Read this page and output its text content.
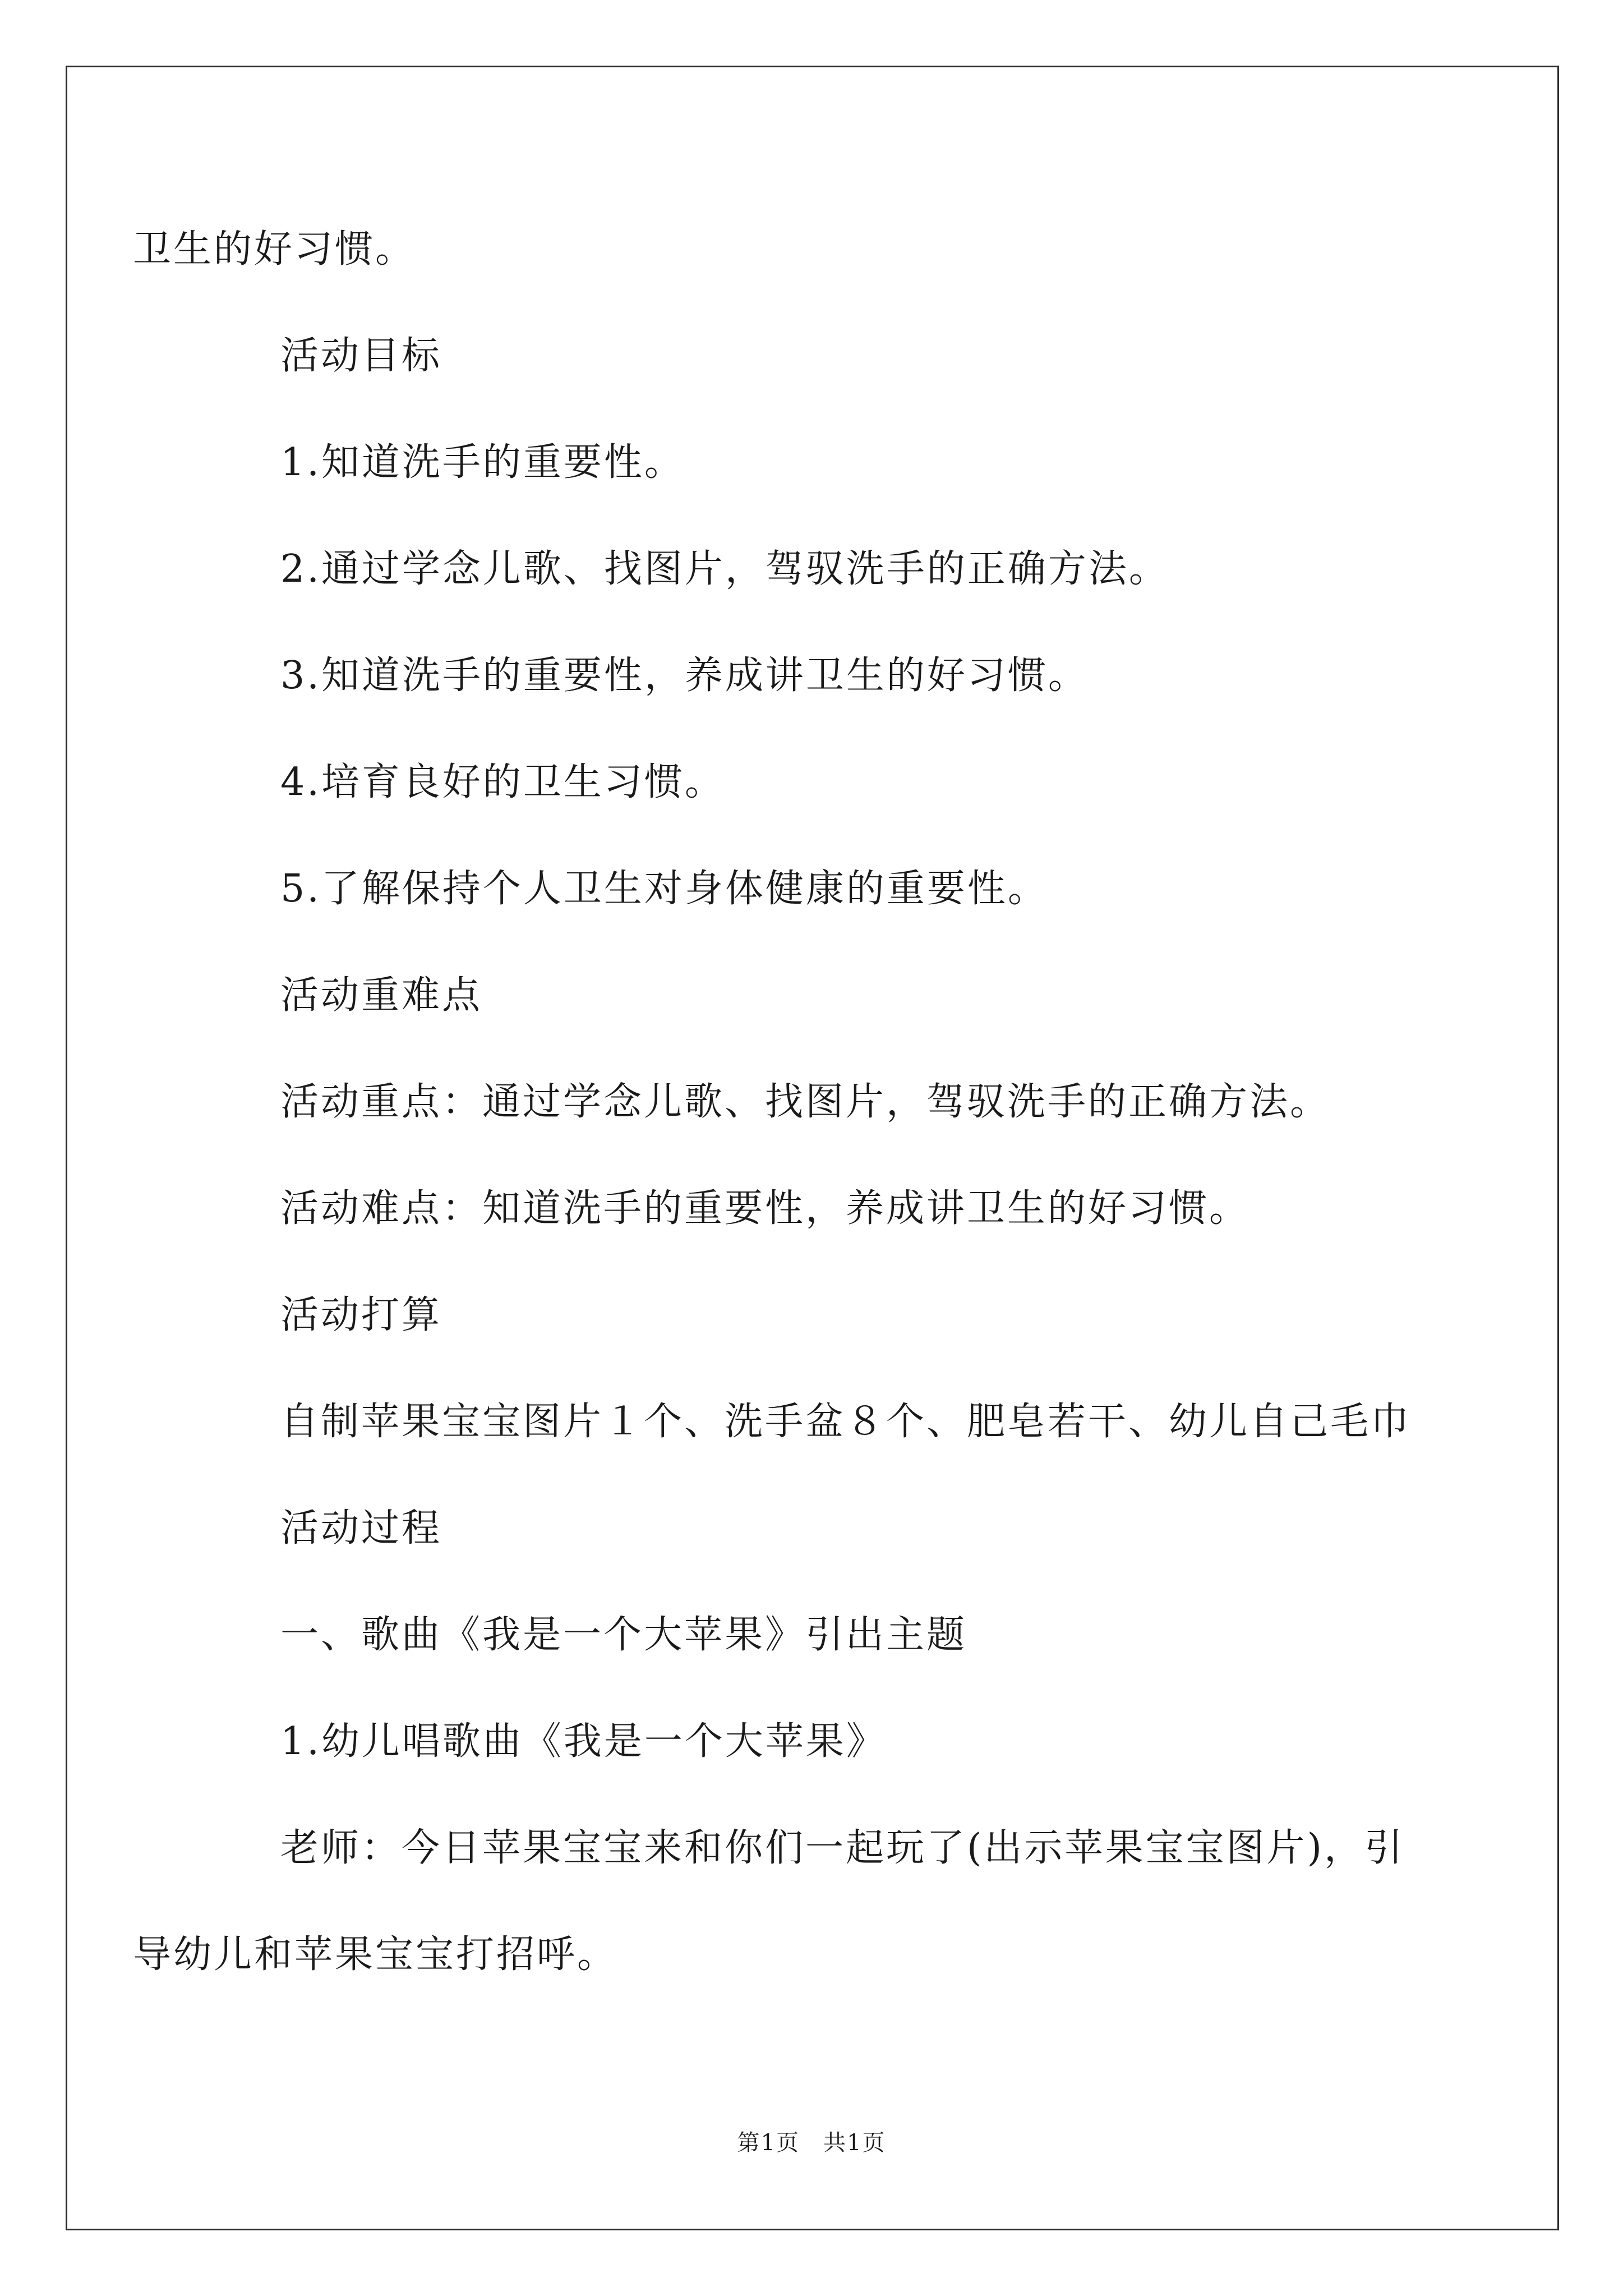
卫生的好习惯。
活动目标
1.知道洗手的重要性。
2.通过学念儿歌、找图片，驾驭洗手的正确方法。
3.知道洗手的重要性，养成讲卫生的好习惯。
4.培育良好的卫生习惯。
5.了解保持个人卫生对身体健康的重要性。
活动重难点
活动重点：通过学念儿歌、找图片，驾驭洗手的正确方法。
活动难点：知道洗手的重要性，养成讲卫生的好习惯。
活动打算
自制苹果宝宝图片１个、洗手盆８个、肥皂若干、幼儿自己毛巾
活动过程
一、歌曲《我是一个大苹果》引出主题
1.幼儿唱歌曲《我是一个大苹果》
老师：今日苹果宝宝来和你们一起玩了(出示苹果宝宝图片)，引
导幼儿和苹果宝宝打招呼。
第1页　共1页
